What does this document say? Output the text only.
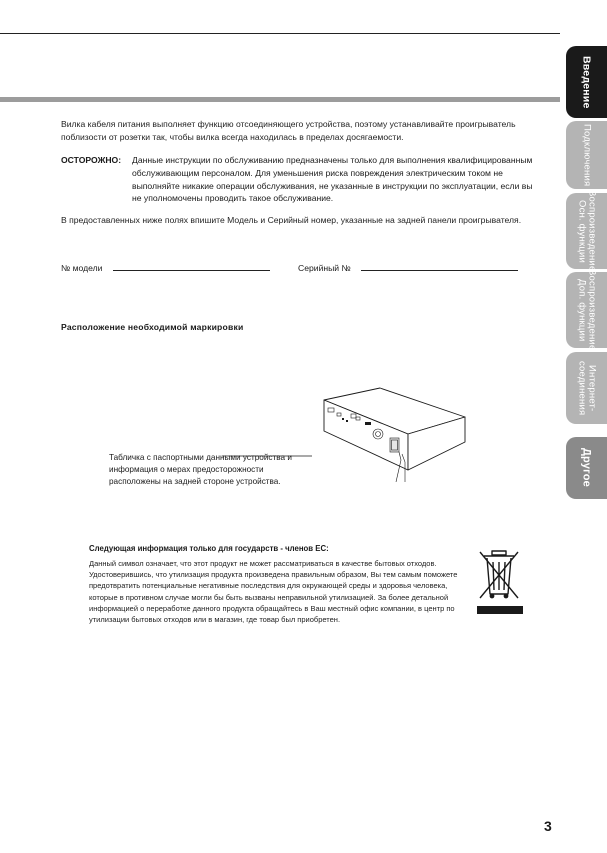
Введение
Подключения
Воспроизведение
Осн. функции
Воспроизведение
Доп. функции
Интернет-
соединения
Другое
Вилка кабеля питания выполняет функцию отсоединяющего устройства, поэтому устанавливайте проигрыватель поблизости от розетки так, чтобы вилка всегда находилась в пределах досягаемости.
ОСТОРОЖНО: Данные инструкции по обслуживанию предназначены только для выполнения квалифицированным обслуживающим персоналом. Для уменьшения риска повреждения электрическим током не выполняйте никакие операции обслуживания, не указанные в инструкции по эксплуатации, если вы не уполномочены проводить такое обслуживание.
В предоставленных ниже полях впишите Модель и Серийный номер, указанные на задней панели проигрывателя.
№ модели	Серийный №
Расположение необходимой маркировки
Табличка с паспортными данными устройства и информация о мерах предосторожности расположены на задней стороне устройства.
Следующая информация только для государств - членов ЕС:
Данный символ означает, что этот продукт не может рассматриваться в качестве бытовых отходов. Удостоверившись, что утилизация продукта произведена правильным образом, Вы тем самым поможете предотвратить потенциальные негативные последствия для окружающей среды и здоровья человека, которые в противном случае могли бы быть вызваны неправильной утилизацией. За более детальной информацией о переработке данного продукта обращайтесь в Ваш местный офис компании, в центр по утилизации бытовых отходов или в магазин, где товар был приобретен.
3
